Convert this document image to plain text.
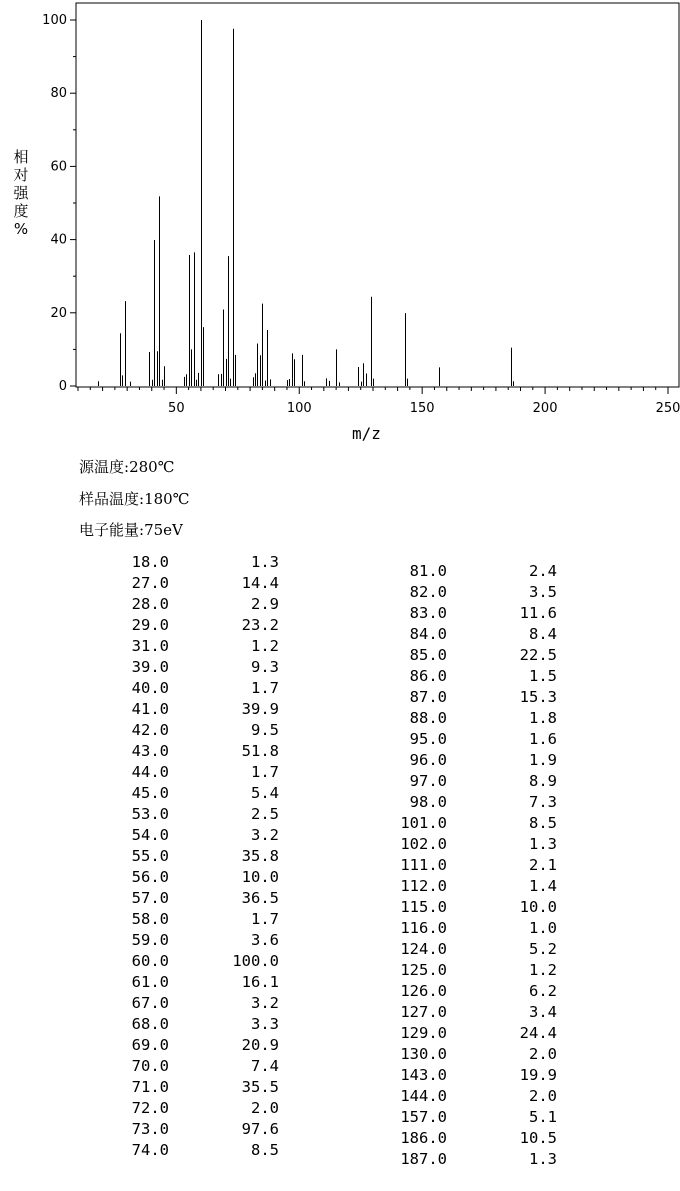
0
20
40
60
80
100
50	100	150	200	250
相
对
强
度
%
m/z
源温度:280℃
样品温度:180℃
电子能量:75eV
18.0	1.3
27.0	14.4
28.0	2.9
29.0	23.2
31.0	1.2
39.0	9.3
40.0	1.7
41.0	39.9
42.0	9.5
43.0	51.8
44.0	1.7
45.0	5.4
53.0	2.5
54.0	3.2
55.0	35.8
56.0	10.0
57.0	36.5
58.0	1.7
59.0	3.6
60.0	100.0
61.0	16.1
67.0	3.2
68.0	3.3
69.0	20.9
70.0	7.4
71.0	35.5
72.0	2.0
73.0	97.6
74.0	8.5
81.0	2.4
82.0	3.5
83.0	11.6
84.0	8.4
85.0	22.5
86.0	1.5
87.0	15.3
88.0	1.8
95.0	1.6
96.0	1.9
97.0	8.9
98.0	7.3
101.0	8.5
102.0	1.3
111.0	2.1
112.0	1.4
115.0	10.0
116.0	1.0
124.0	5.2
125.0	1.2
126.0	6.2
127.0	3.4
129.0	24.4
130.0	2.0
143.0	19.9
144.0	2.0
157.0	5.1
186.0	10.5
187.0	1.3
